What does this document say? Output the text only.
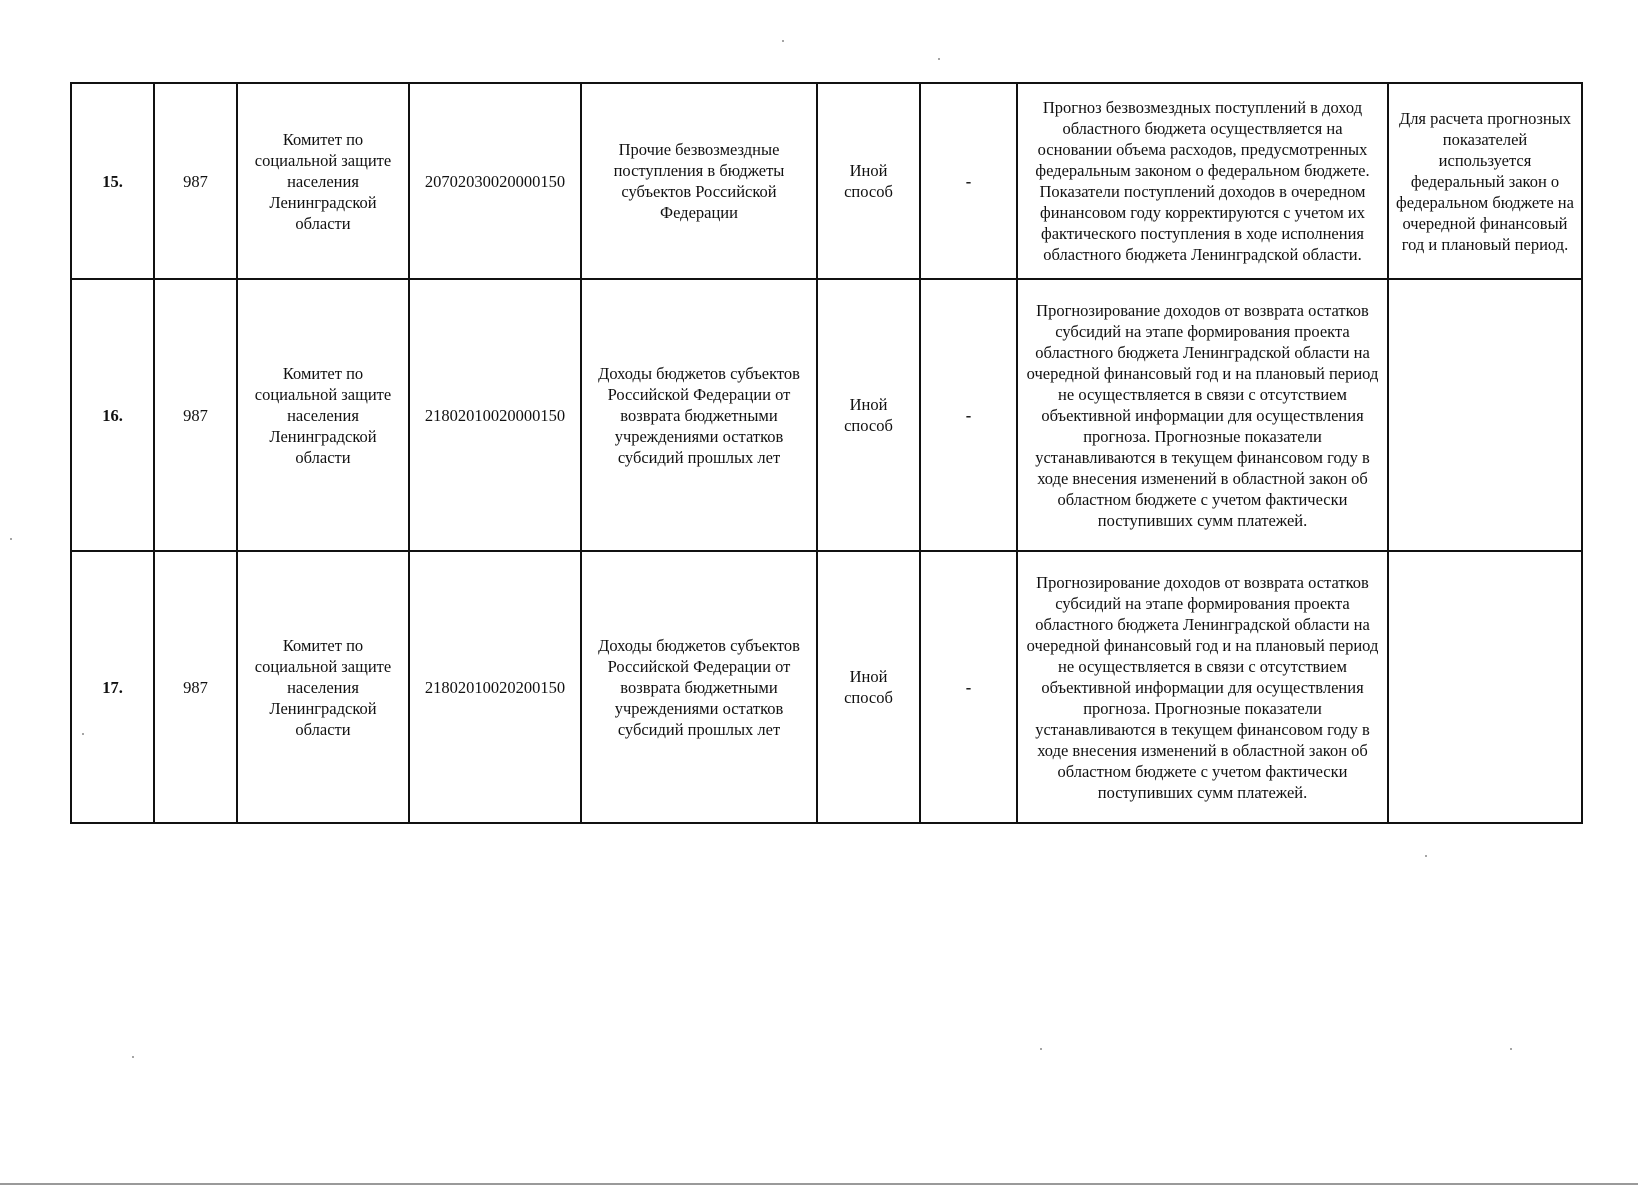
15.	987	Комитет по социальной защите населения Ленинградской области	20702030020000150	Прочие безвозмездные поступления в бюджеты субъектов Российской Федерации	Иной способ	-	Прогноз безвозмездных поступлений в доход областного бюджета осуществляется на основании объема расходов, предусмотренных федеральным законом о федеральном бюджете. Показатели поступлений доходов в очередном финансовом году корректируются с учетом их фактического поступления в ходе исполнения областного бюджета Ленинградской области.	Для расчета прогнозных показателей используется федеральный закон о федеральном бюджете на очередной финансовый год и плановый период.
16.	987	Комитет по социальной защите населения Ленинградской области	21802010020000150	Доходы бюджетов субъектов Российской Федерации от возврата бюджетными учреждениями остатков субсидий прошлых лет	Иной способ	-	Прогнозирование доходов от возврата остатков субсидий на этапе формирования проекта областного бюджета Ленинградской области на очередной финансовый год и на плановый период не осуществляется в связи с отсутствием объективной информации для осуществления прогноза. Прогнозные показатели устанавливаются в текущем финансовом году в ходе внесения изменений в областной закон об областном бюджете с учетом фактически поступивших сумм платежей.	
17.	987	Комитет по социальной защите населения Ленинградской области	21802010020200150	Доходы бюджетов субъектов Российской Федерации от возврата бюджетными учреждениями остатков субсидий прошлых лет	Иной способ	-	Прогнозирование доходов от возврата остатков субсидий на этапе формирования проекта областного бюджета Ленинградской области на очередной финансовый год и на плановый период не осуществляется в связи с отсутствием объективной информации для осуществления прогноза. Прогнозные показатели устанавливаются в текущем финансовом году в ходе внесения изменений в областной закон об областном бюджете с учетом фактически поступивших сумм платежей.	
